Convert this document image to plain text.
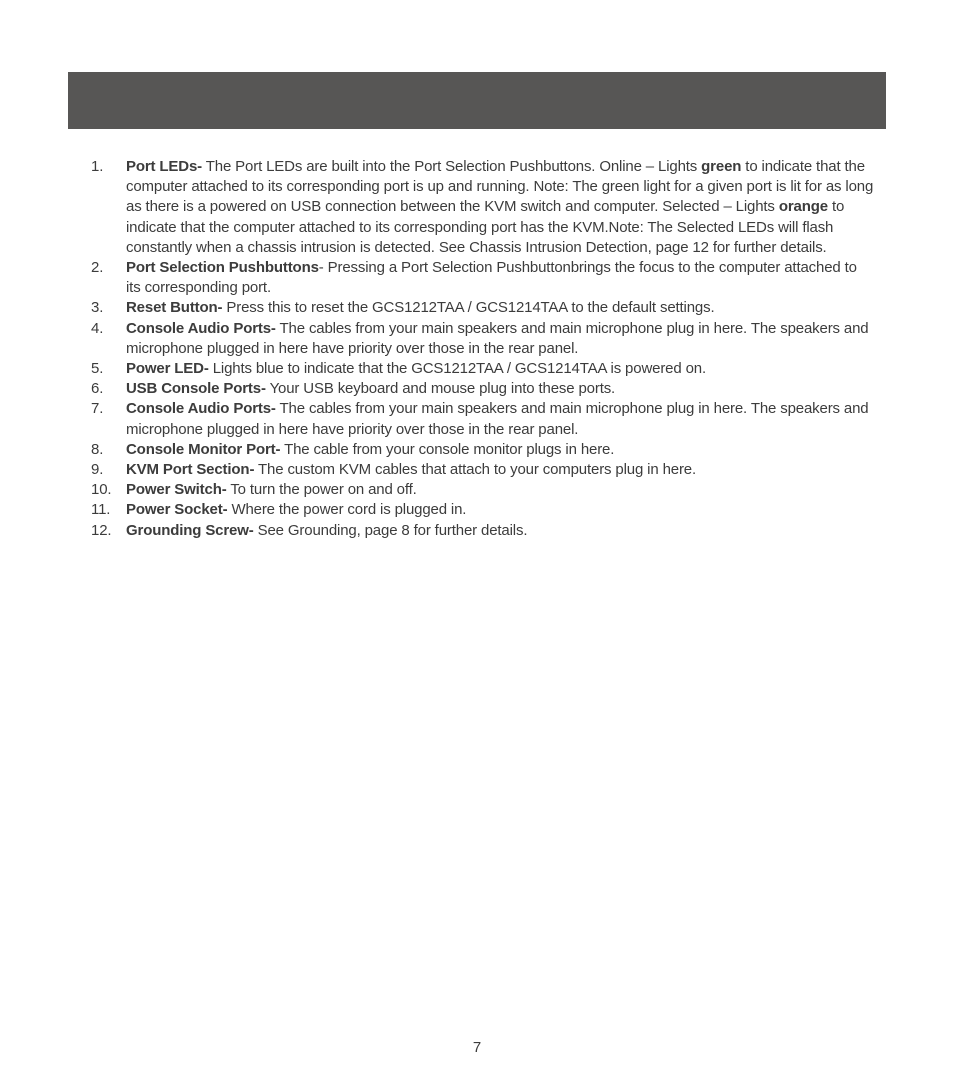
1.	Port LEDs- The Port LEDs are built into the Port Selection Pushbuttons. Online – Lights green to indicate that the computer attached to its corresponding port is up and running. Note: The green light for a given port is lit for as long as there is a powered on USB connection between the KVM switch and computer. Selected – Lights orange to indicate that the computer attached to its corresponding port has the KVM.Note: The Selected LEDs will flash constantly when a chassis intrusion is detected. See Chassis Intrusion Detection, page 12 for further details.
2.	Port Selection Pushbuttons- Pressing a Port Selection Pushbuttonbrings the focus to the computer attached to its corresponding port.
3.	Reset Button- Press this to reset the GCS1212TAA / GCS1214TAA to the default settings.
4.	Console Audio Ports- The cables from your main speakers and main microphone plug in here. The speakers and microphone plugged in here have priority over those in the rear panel.
5.	Power LED- Lights blue to indicate that the GCS1212TAA / GCS1214TAA is powered on.
6.	USB Console Ports- Your USB keyboard and mouse plug into these ports.
7.	Console Audio Ports- The cables from your main speakers and main microphone plug in here. The speakers and microphone plugged in here have priority over those in the rear panel.
8.	Console Monitor Port- The cable from your console monitor plugs in here.
9.	KVM Port Section- The custom KVM cables that attach to your computers plug in here.
10. Power Switch- To turn the power on and off.
11.	Power Socket- Where the power cord is plugged in.
12. Grounding Screw- See Grounding, page 8 for further details.
7
